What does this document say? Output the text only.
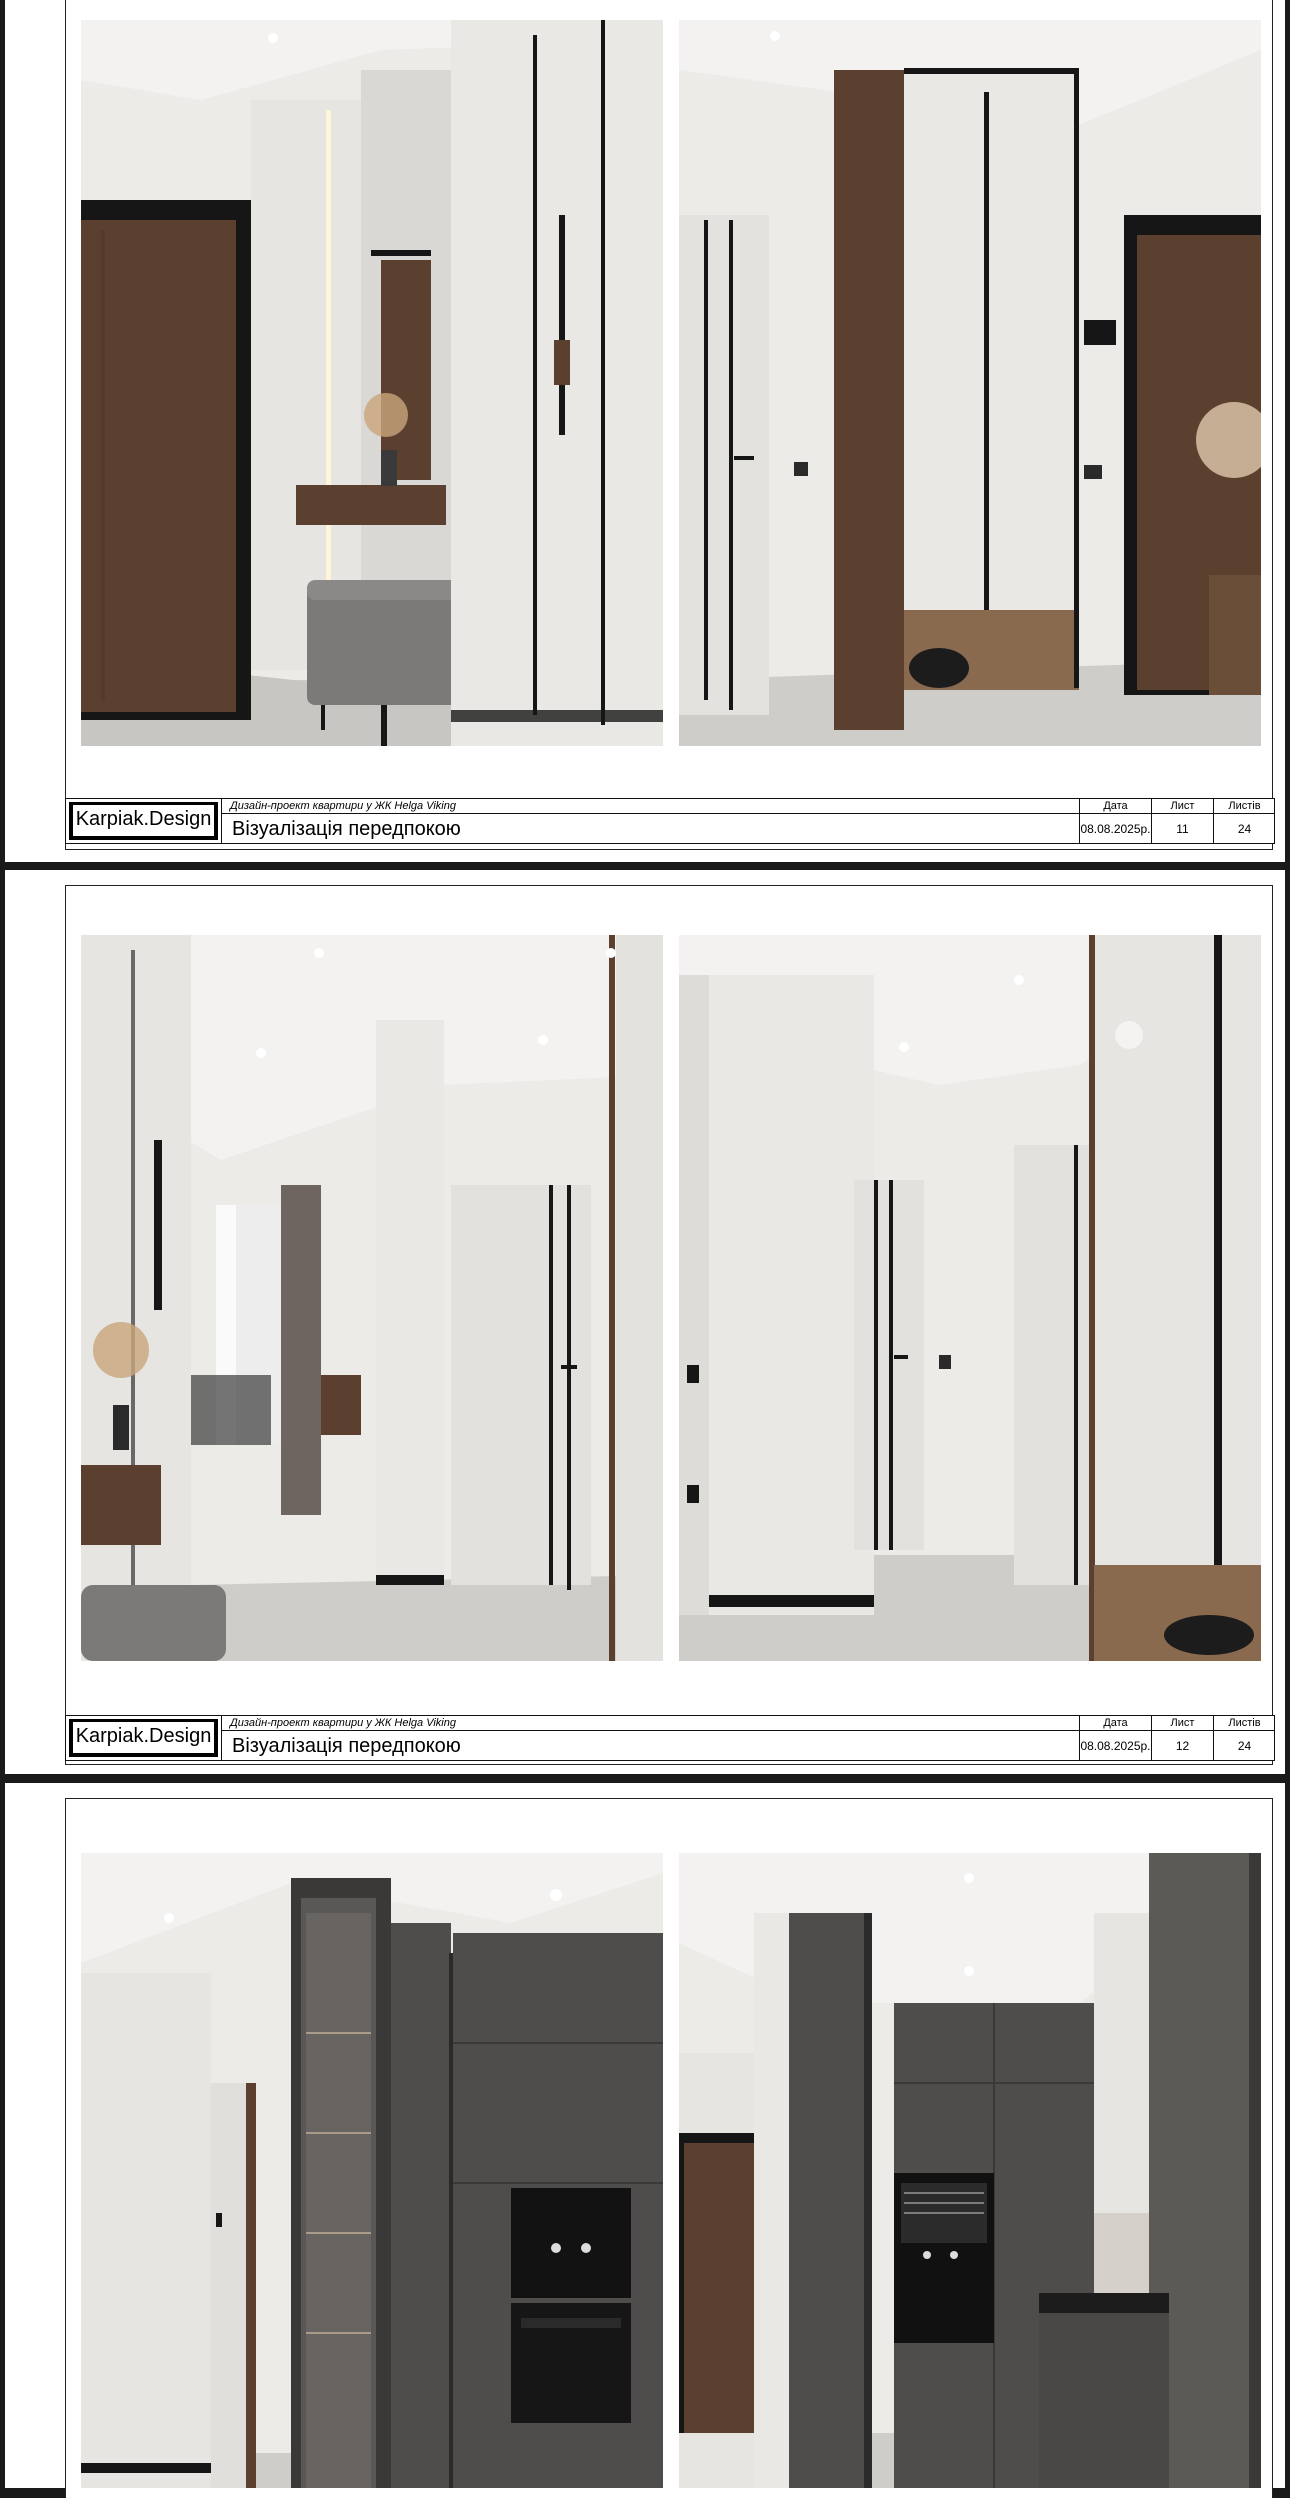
Karpiak.Design
Дизайн-проект квартири у ЖК Helga Viking
Візуалізація передпокою
Дата
08.08.2025р.
Лист
11
Листів
24
Karpiak.Design
Дизайн-проект квартири у ЖК Helga Viking
Візуалізація передпокою
Дата
08.08.2025р.
Лист
12
Листів
24
